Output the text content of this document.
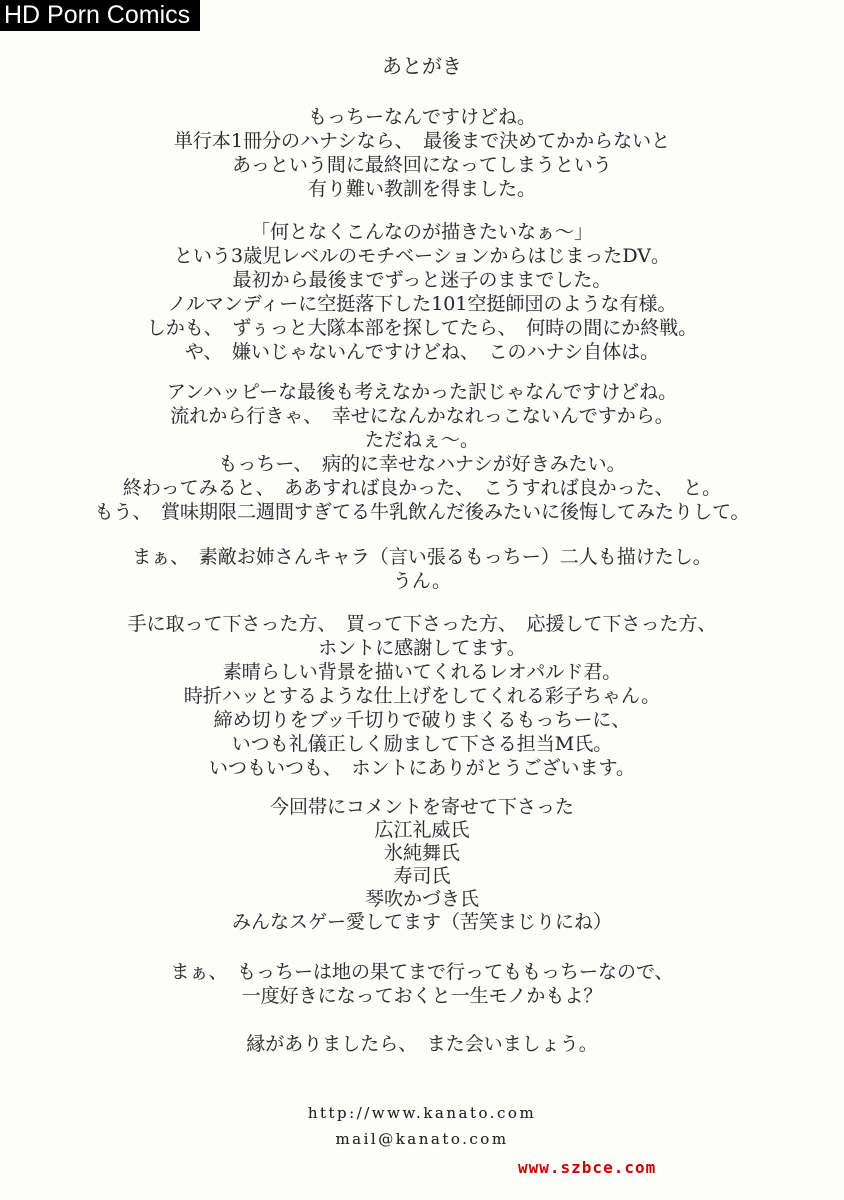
HD Porn Comics
あとがき
もっちーなんですけどね。
単行本1冊分のハナシなら、　最後まで決めてかからないと
あっという間に最終回になってしまうという
有り難い教訓を得ました。
「何となくこんなのが描きたいなぁ～」
という3歳児レベルのモチベーションからはじまったDV。
最初から最後までずっと迷子のままでした。
ノルマンディーに空挺落下した101空挺師団のような有様。
しかも、　ずぅっと大隊本部を探してたら、　何時の間にか終戦。
や、　嫌いじゃないんですけどね、　このハナシ自体は。
アンハッピーな最後も考えなかった訳じゃなんですけどね。
流れから行きゃ、　幸せになんかなれっこないんですから。
ただねぇ～。
もっちー、　病的に幸せなハナシが好きみたい。
終わってみると、　ああすれば良かった、　こうすれば良かった、　と。
もう、　賞味期限二週間すぎてる牛乳飲んだ後みたいに後悔してみたりして。
まぁ、　素敵お姉さんキャラ（言い張るもっちー）二人も描けたし。
うん。
手に取って下さった方、　買って下さった方、　応援して下さった方、
ホントに感謝してます。
素晴らしい背景を描いてくれるレオパルド君。
時折ハッとするような仕上げをしてくれる彩子ちゃん。
締め切りをブッ千切りで破りまくるもっちーに、
いつも礼儀正しく励まして下さる担当M氏。
いつもいつも、　ホントにありがとうございます。
今回帯にコメントを寄せて下さった
広江礼威氏
氷純舞氏
寿司氏
琴吹かづき氏
みんなスゲー愛してます（苦笑まじりにね）
まぁ、　もっちーは地の果てまで行ってももっちーなので、
一度好きになっておくと一生モノかもよ？
縁がありましたら、　また会いましょう。
http://www.kanato.com
mail@kanato.com
www.szbce.com
